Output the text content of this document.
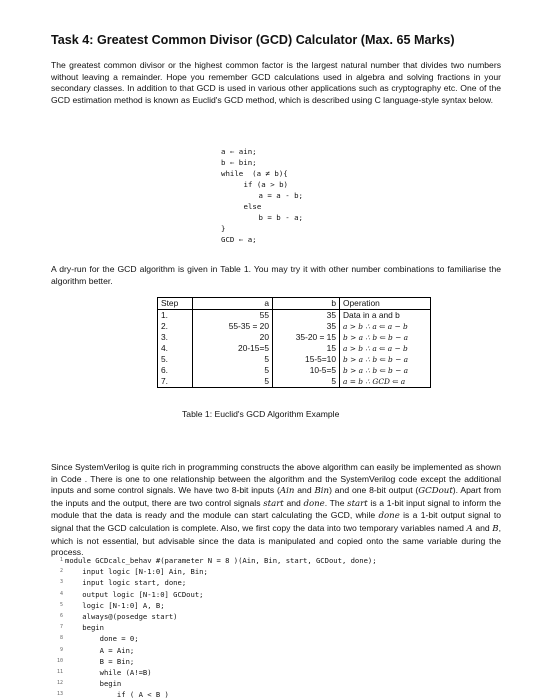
Task 4: Greatest Common Divisor (GCD) Calculator (Max. 65 Marks)

The greatest common divisor or the highest common factor is the largest natural number that divides two numbers without leaving a remainder. Hope you remember GCD calculations used in algebra and solving fractions in your secondary classes. In addition to that GCD is used in various other applications such as cryptography etc. One of the GCD estimation method is known as Euclid's GCD method, which is described using C language-style syntax below.

a ⇐ ain;
b ⇐ bin;
while  (a ≠ b){
if (a > b)
a = a - b;
else
b = b - a;
}
GCD ⇐ a;

A dry-run for the GCD algorithm is given in Table 1. You may try it with other number combinations to familiarise the algorithm better.

Step	a	b	Operation
1.	55	35	Data in a and b
2.	55-35 = 20	35	a > b ∴ a ⇐ a − b
3.	20	35-20 = 15	b > a ∴ b ⇐ b − a
4.	20-15=5	15	a > b ∴ a ⇐ a − b
5.	5	15-5=10	b > a ∴ b ⇐ b − a
6.	5	10-5=5	b > a ∴ b ⇐ b − a
7.	5	5	a = b ∴ GCD ⇐ a
Table 1: Euclid's GCD Algorithm Example

Since SystemVerilog is quite rich in programming constructs the above algorithm can easily be implemented as shown in Code . There is one to one relationship between the algorithm and the SystemVerilog code except the additional inputs and some control signals. We have two 8-bit inputs (Ain and Bin) and one 8-bit output (GCDout). Apart from the inputs and the output, there are two control signals start and done. The start is a 1-bit input signal to inform the module that the data is ready and the module can start calculating the GCD, while done is a 1-bit output signal to signal that the GCD calculation is complete. Also, we first copy the data into two temporary variables named A and B, which is not essential, but advisable since the data is manipulated and copied onto the same variable during the process.

1 module GCDcalc_behav #(parameter N = 8 )(Ain, Bin, start, GCDout, done);
2 input logic [N-1:0] Ain, Bin;
3 input logic start, done;
4 output logic [N-1:0] GCDout;
5 logic [N-1:0] A, B;
6 always@(posedge start)
7 begin
8 done = 0;
9 A = Ain;
10 B = Bin;
11 while (A!=B)
12 begin
13 if ( A < B )
